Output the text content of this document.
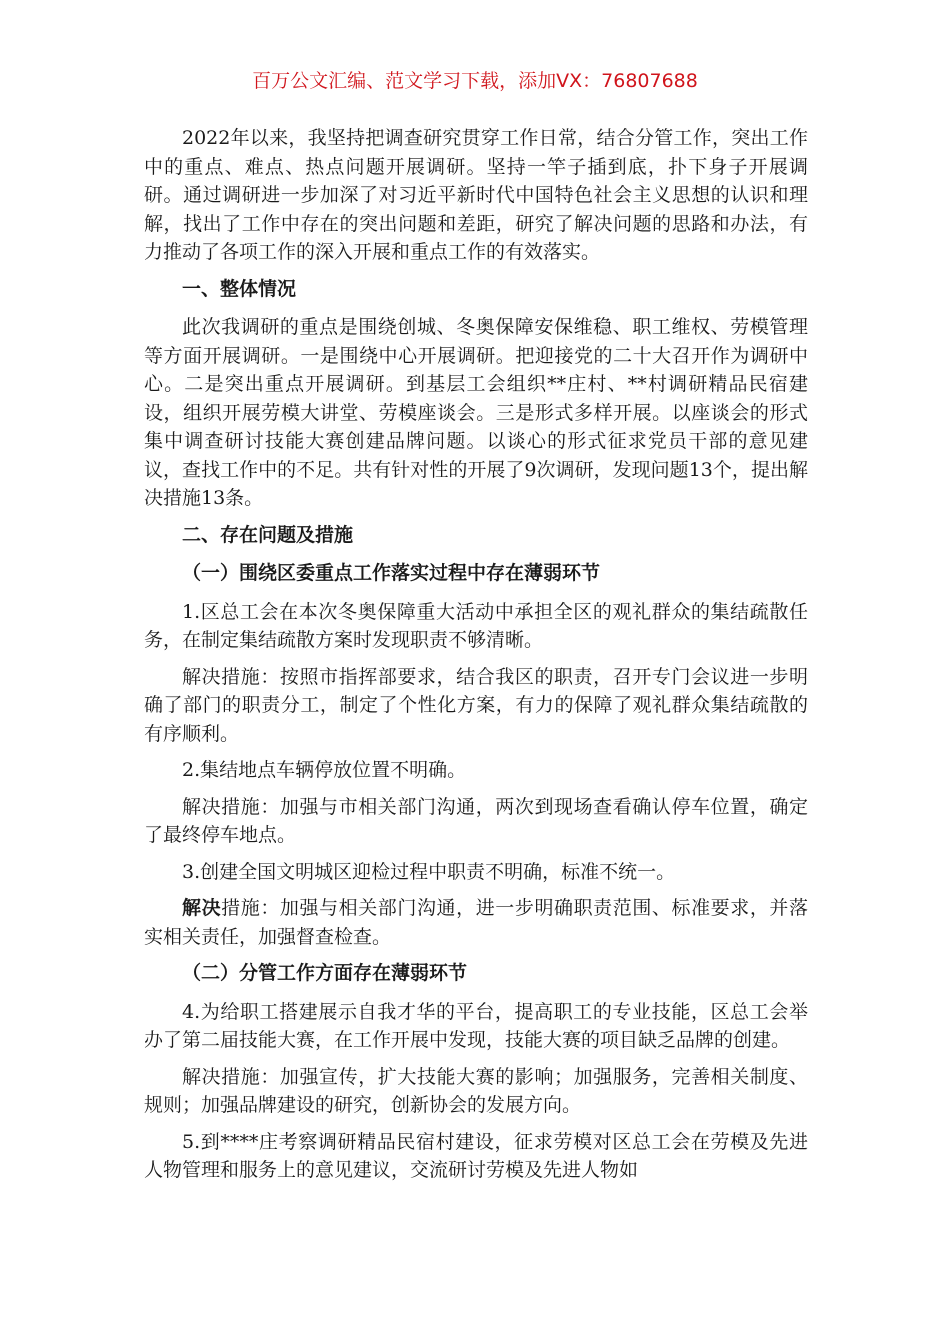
百万公文汇编、范文学习下载，添加VX：76807688

2022年以来，我坚持把调查研究贯穿工作日常，结合分管工作，突出工作中的重点、难点、热点问题开展调研。坚持一竿子插到底，扑下身子开展调研。通过调研进一步加深了对习近平新时代中国特色社会主义思想的认识和理解，找出了工作中存在的突出问题和差距，研究了解决问题的思路和办法，有力推动了各项工作的深入开展和重点工作的有效落实。

一、整体情况

此次我调研的重点是围绕创城、冬奥保障安保维稳、职工维权、劳模管理等方面开展调研。一是围绕中心开展调研。把迎接党的二十大召开作为调研中心。二是突出重点开展调研。到基层工会组织**庄村、**村调研精品民宿建设，组织开展劳模大讲堂、劳模座谈会。三是形式多样开展。以座谈会的形式集中调查研讨技能大赛创建品牌问题。以谈心的形式征求党员干部的意见建议，查找工作中的不足。共有针对性的开展了9次调研，发现问题13个，提出解决措施13条。

二、存在问题及措施

（一）围绕区委重点工作落实过程中存在薄弱环节

1.区总工会在本次冬奥保障重大活动中承担全区的观礼群众的集结疏散任务，在制定集结疏散方案时发现职责不够清晰。

解决措施：按照市指挥部要求，结合我区的职责，召开专门会议进一步明确了部门的职责分工，制定了个性化方案，有力的保障了观礼群众集结疏散的有序顺利。

2.集结地点车辆停放位置不明确。

解决措施：加强与市相关部门沟通，两次到现场查看确认停车位置，确定了最终停车地点。

3.创建全国文明城区迎检过程中职责不明确，标准不统一。

解决措施：加强与相关部门沟通，进一步明确职责范围、标准要求，并落实相关责任，加强督查检查。

（二）分管工作方面存在薄弱环节

4.为给职工搭建展示自我才华的平台，提高职工的专业技能，区总工会举办了第二届技能大赛，在工作开展中发现，技能大赛的项目缺乏品牌的创建。

解决措施：加强宣传，扩大技能大赛的影响；加强服务，完善相关制度、规则；加强品牌建设的研究，创新协会的发展方向。

5.到****庄考察调研精品民宿村建设，征求劳模对区总工会在劳模及先进人物管理和服务上的意见建议，交流研讨劳模及先进人物如
